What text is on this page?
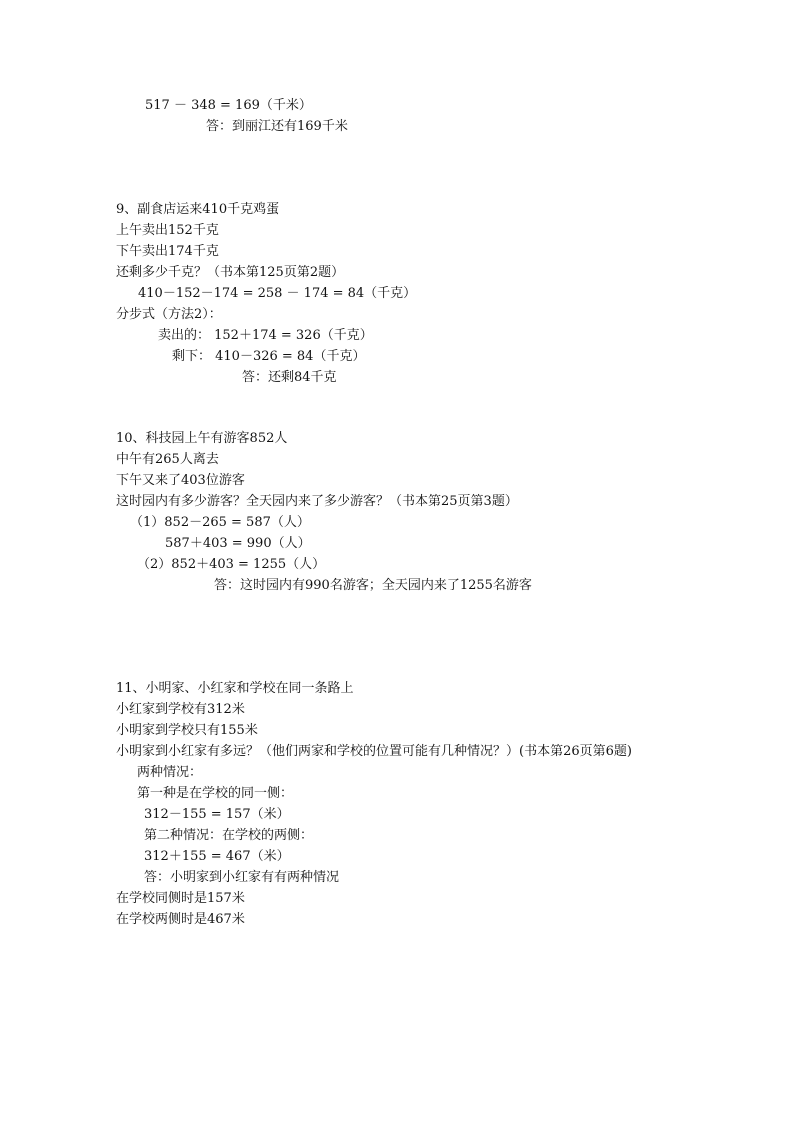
517 － 348 = 169（千米）
答：到丽江还有169千米
9、副食店运来410千克鸡蛋
上午卖出152千克
下午卖出174千克
还剩多少千克？（书本第125页第2题）
410－152－174 = 258 － 174 = 84（千克）
分步式（方法2）：
卖出的： 152＋174 = 326（千克）
剩下： 410－326 = 84（千克）
答：还剩84千克
10、科技园上午有游客852人
中午有265人离去
下午又来了403位游客
这时园内有多少游客？全天园内来了多少游客？（书本第25页第3题）
（1）852－265 = 587（人）
587＋403 = 990（人）
（2）852＋403 = 1255（人）
答：这时园内有990名游客；全天园内来了1255名游客
11、小明家、小红家和学校在同一条路上
小红家到学校有312米
小明家到学校只有155米
小明家到小红家有多远？（他们两家和学校的位置可能有几种情况？）(书本第26页第6题)
两种情况：
第一种是在学校的同一侧：
312－155 = 157（米）
第二种情况：在学校的两侧：
312＋155 = 467（米）
答：小明家到小红家有有两种情况
在学校同侧时是157米
在学校两侧时是467米
